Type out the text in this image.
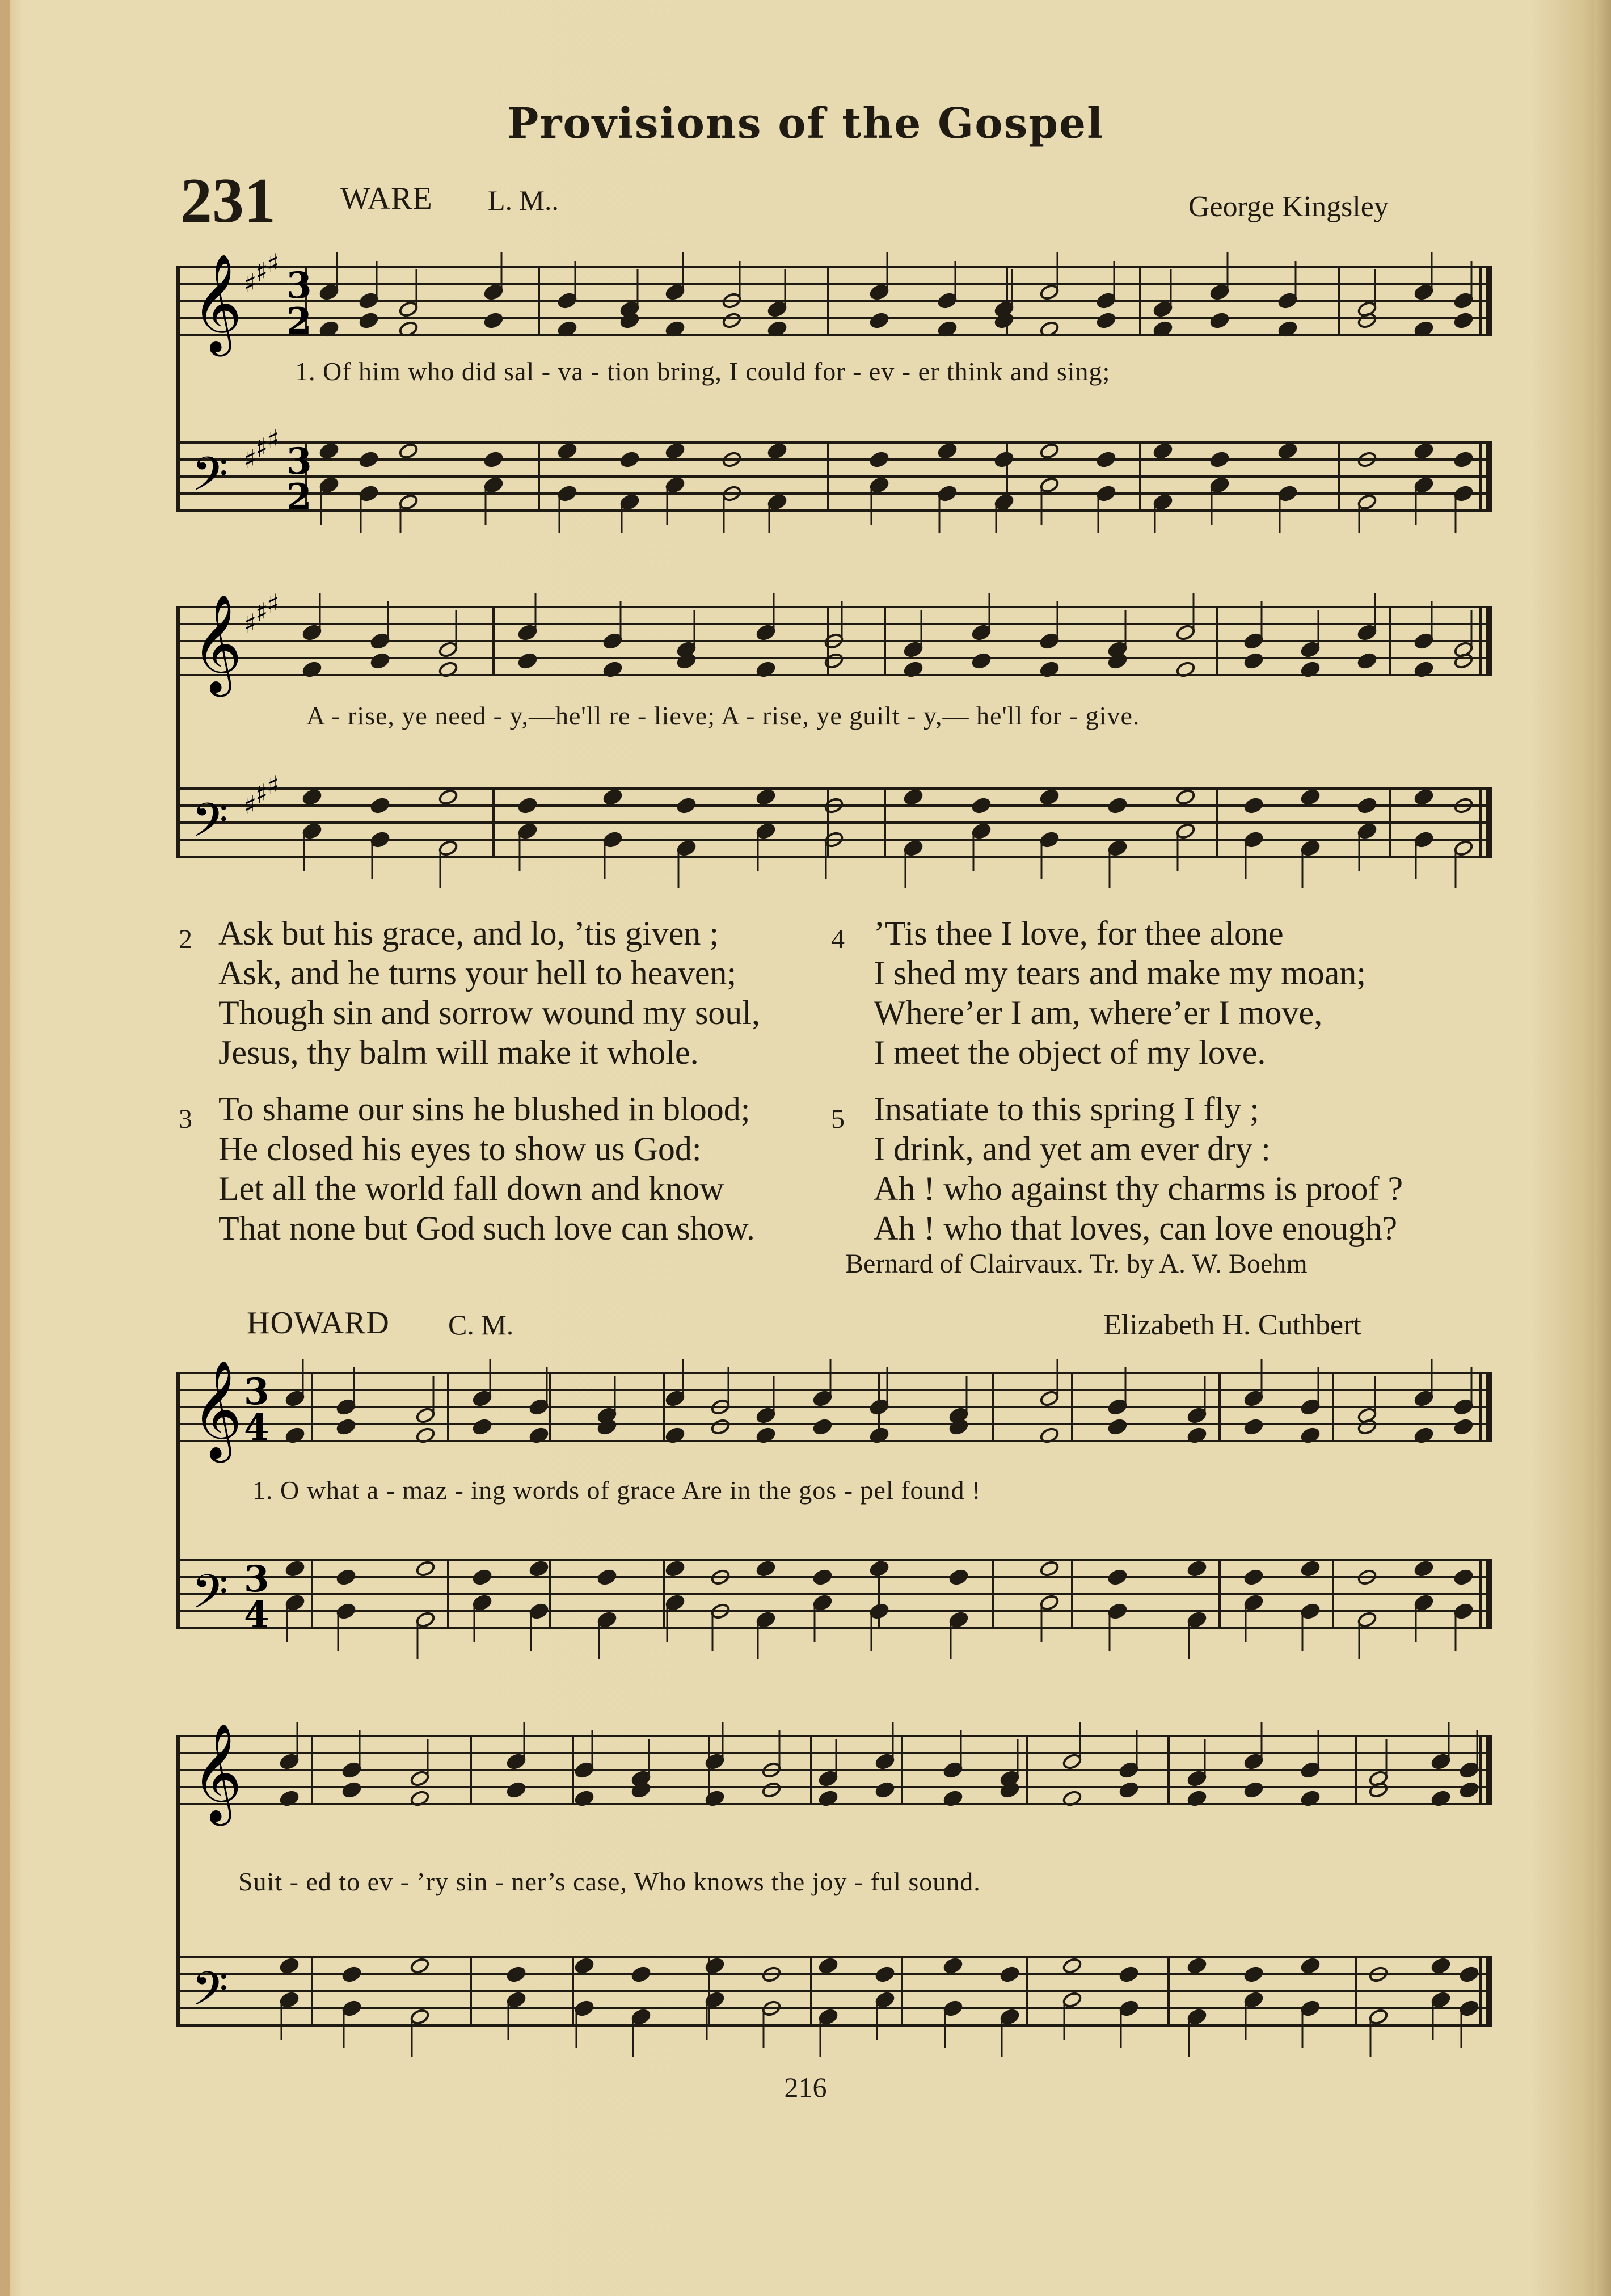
Provisions of the Gospel
231 WARE L. M..	George Kingsley
𝄞
𝄢
♯
♯
♯
♯
♯
♯
3
2
3
2
1. Of him who did sal - va - tion bring, I could for - ev - er think and sing;
𝄞
𝄢
♯
♯
♯
♯
♯
♯
A - rise, ye need - y,—he'll re - lieve; A - rise, ye guilt - y,— he'll for - give.
2 Ask but his grace, and lo, ’tis given ;
Ask, and he turns your hell to heaven;
Though sin and sorrow wound my soul,
Jesus, thy balm will make it whole.
3 To shame our sins he blushed in blood;
He closed his eyes to show us God:
Let all the world fall down and know
That none but God such love can show.
4 ’Tis thee I love, for thee alone
I shed my tears and make my moan;
Where’er I am, where’er I move,
I meet the object of my love.
5 Insatiate to this spring I fly ;
I drink, and yet am ever dry :
Ah ! who against thy charms is proof ?
Ah ! who that loves, can love enough?
Bernard of Clairvaux. Tr. by A. W. Boehm
HOWARD C. M.	Elizabeth H. Cuthbert
𝄞
𝄢
3
4
3
4
1. O what a - maz - ing words of grace Are in the gos - pel found !
𝄞
𝄢
Suit - ed to ev - ’ry sin - ner’s case, Who knows the joy - ful sound.
216
